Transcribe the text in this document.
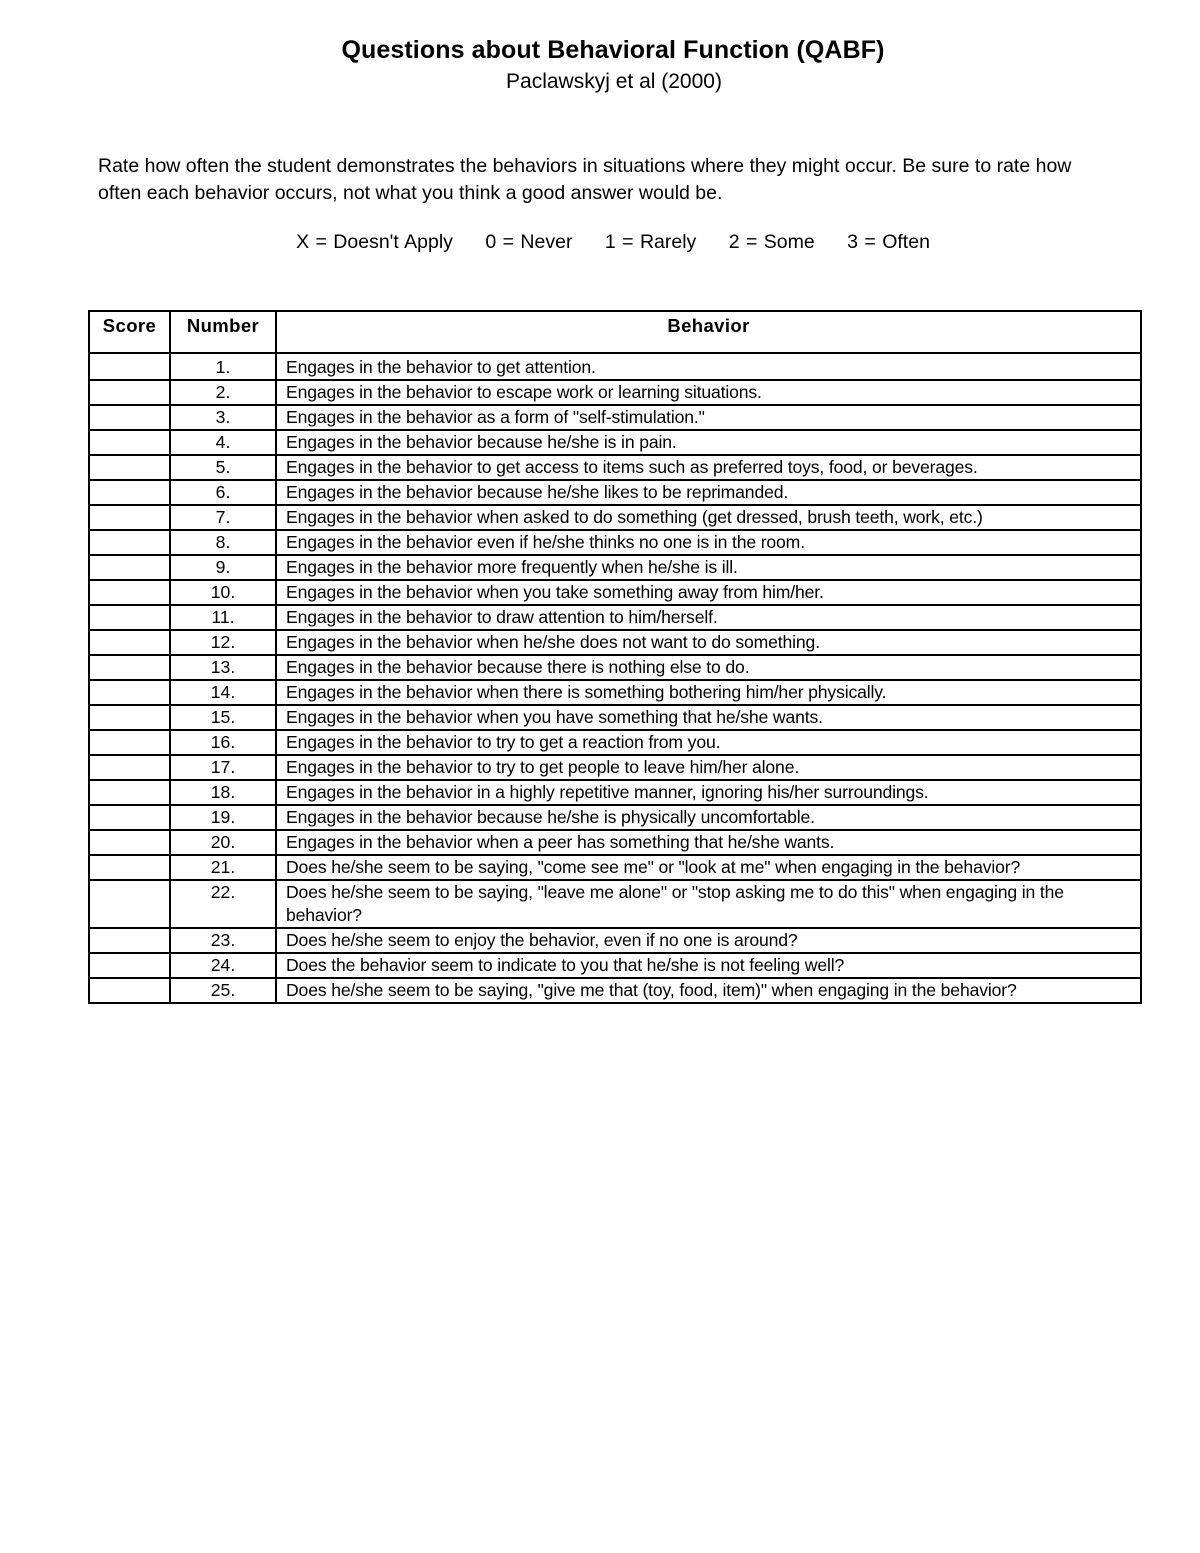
Questions about Behavioral Function (QABF)
Paclawskyj et al (2000)
Rate how often the student demonstrates the behaviors in situations where they might occur. Be sure to rate how often each behavior occurs, not what you think a good answer would be.
X = Doesn't Apply 0 = Never 1 = Rarely 2 = Some 3 = Often
Score	Number	Behavior
	1.	Engages in the behavior to get attention.
	2.	Engages in the behavior to escape work or learning situations.
	3.	Engages in the behavior as a form of "self-stimulation."
	4.	Engages in the behavior because he/she is in pain.
	5.	Engages in the behavior to get access to items such as preferred toys, food, or beverages.
	6.	Engages in the behavior because he/she likes to be reprimanded.
	7.	Engages in the behavior when asked to do something (get dressed, brush teeth, work, etc.)
	8.	Engages in the behavior even if he/she thinks no one is in the room.
	9.	Engages in the behavior more frequently when he/she is ill.
	10.	Engages in the behavior when you take something away from him/her.
	11.	Engages in the behavior to draw attention to him/herself.
	12.	Engages in the behavior when he/she does not want to do something.
	13.	Engages in the behavior because there is nothing else to do.
	14.	Engages in the behavior when there is something bothering him/her physically.
	15.	Engages in the behavior when you have something that he/she wants.
	16.	Engages in the behavior to try to get a reaction from you.
	17.	Engages in the behavior to try to get people to leave him/her alone.
	18.	Engages in the behavior in a highly repetitive manner, ignoring his/her surroundings.
	19.	Engages in the behavior because he/she is physically uncomfortable.
	20.	Engages in the behavior when a peer has something that he/she wants.
	21.	Does he/she seem to be saying, "come see me" or "look at me" when engaging in the behavior?
	22.	Does he/she seem to be saying, "leave me alone" or "stop asking me to do this" when engaging in the behavior?
	23.	Does he/she seem to enjoy the behavior, even if no one is around?
	24.	Does the behavior seem to indicate to you that he/she is not feeling well?
	25.	Does he/she seem to be saying, "give me that (toy, food, item)" when engaging in the behavior?
